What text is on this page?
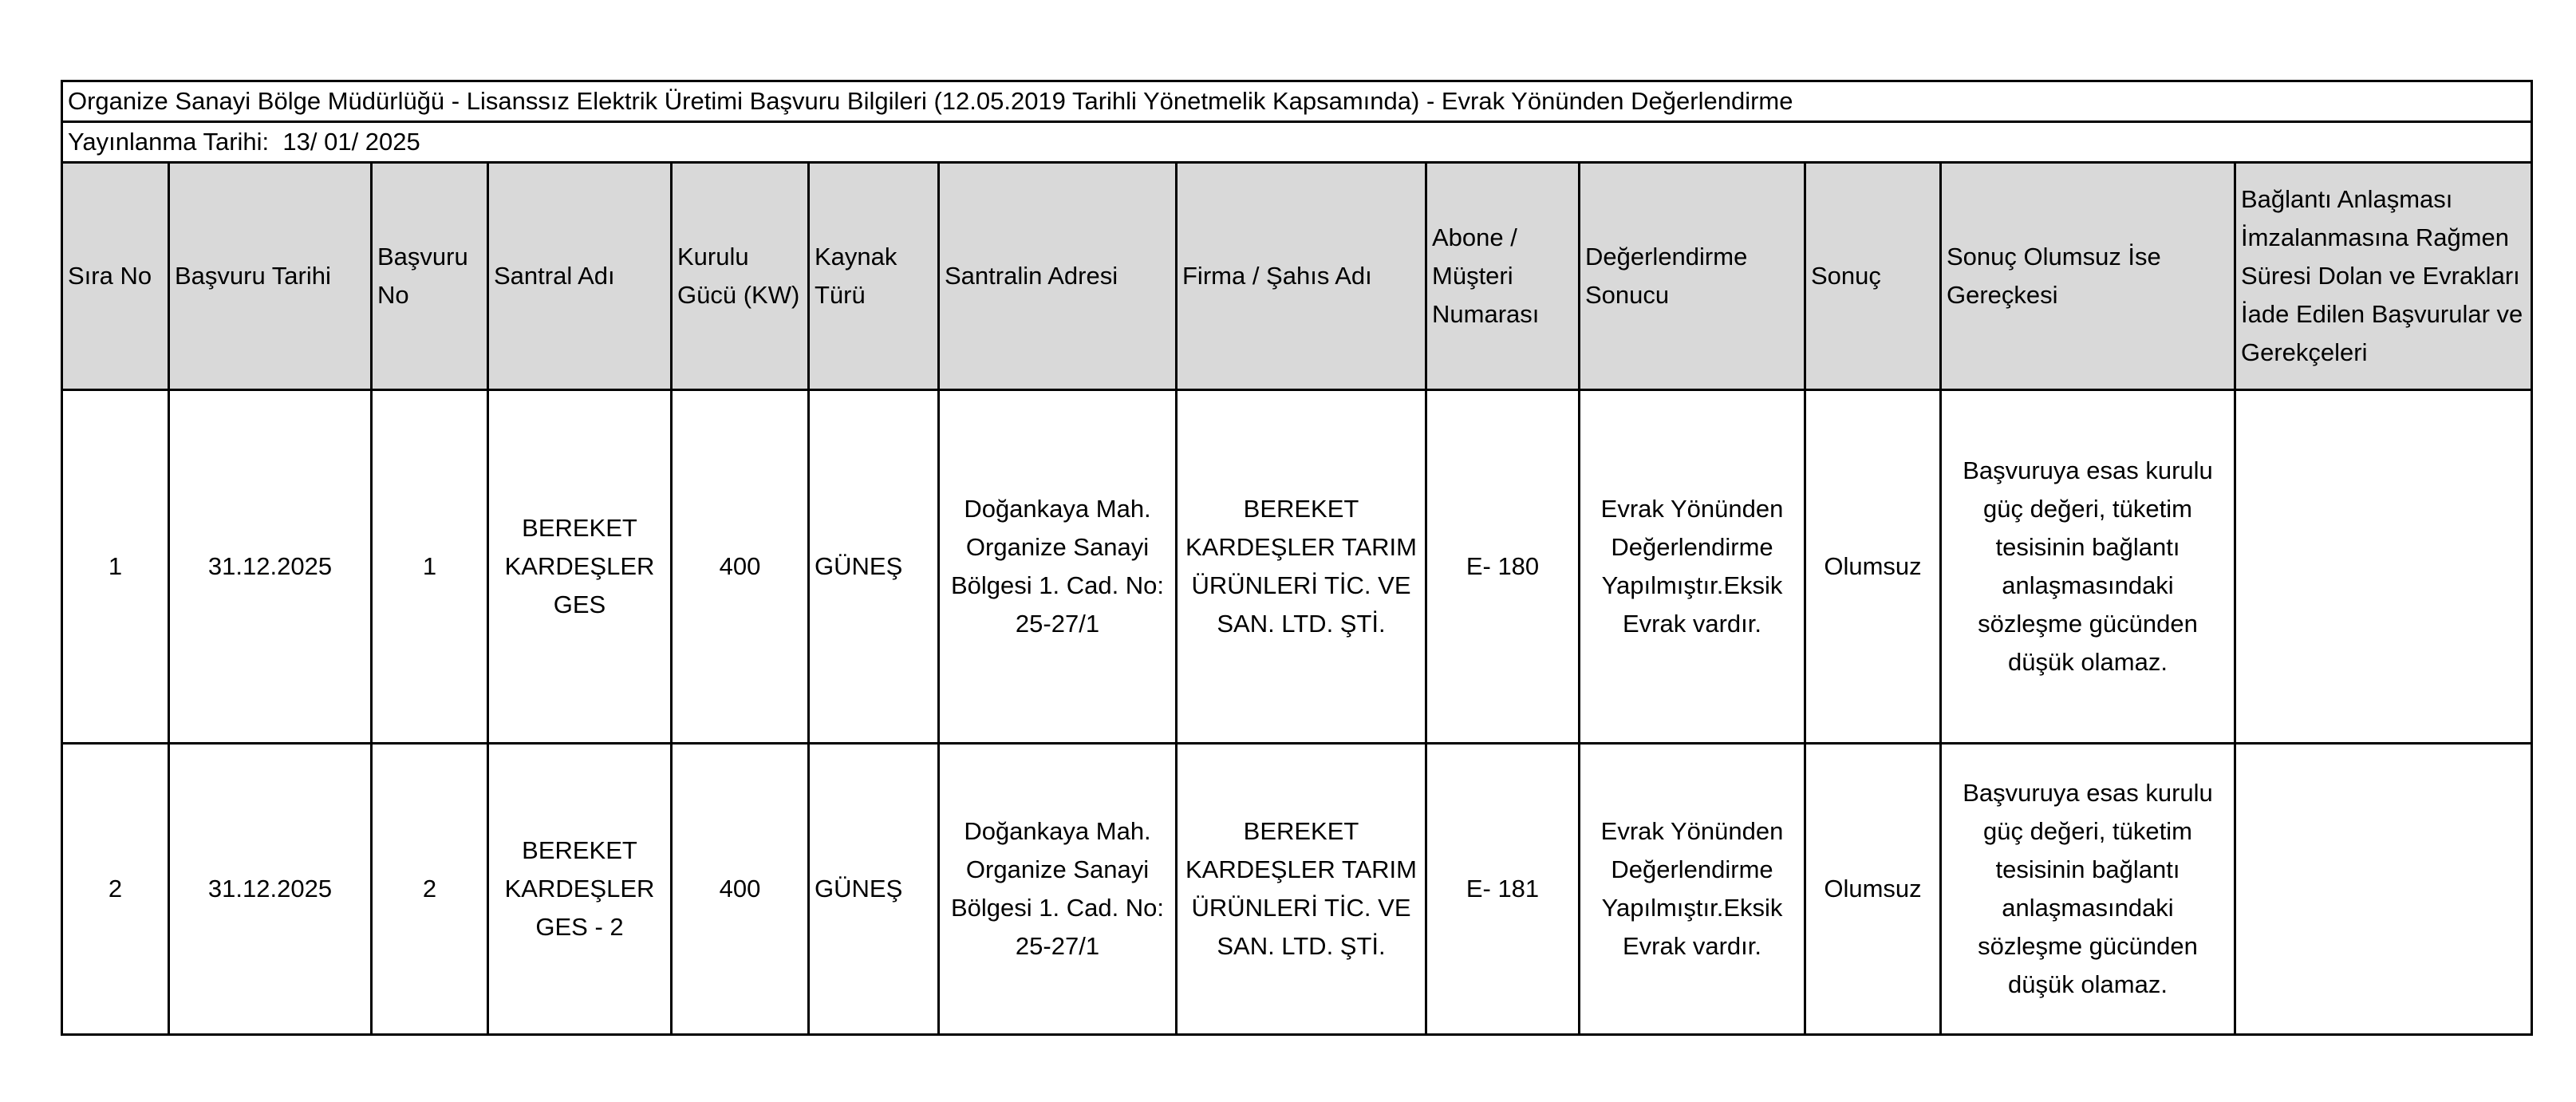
Organize Sanayi Bölge Müdürlüğü - Lisanssız Elektrik Üretimi Başvuru Bilgileri (12.05.2019 Tarihli Yönetmelik Kapsamında) - Evrak Yönünden Değerlendirme												
Yayınlanma Tarihi: 13/ 01/ 2025												
Sıra No	Başvuru Tarihi	Başvuru No	Santral Adı	Kurulu Gücü (KW)	Kaynak Türü	Santralin Adresi	Firma / Şahıs Adı	Abone / Müşteri Numarası	Değerlendirme Sonucu	Sonuç	Sonuç Olumsuz İse Gereçkesi	Bağlantı Anlaşması İmzalanmasına Rağmen Süresi Dolan ve Evrakları İade Edilen Başvurular ve Gerekçeleri
1	31.12.2025	1	BEREKET KARDEŞLER GES	400	GÜNEŞ	Doğankaya Mah. Organize Sanayi Bölgesi 1. Cad. No: 25-27/1	BEREKET KARDEŞLER TARIM ÜRÜNLERİ TİC. VE SAN. LTD. ŞTİ.	E- 180	Evrak Yönünden Değerlendirme Yapılmıştır.Eksik Evrak vardır.	Olumsuz	Başvuruya esas kurulu güç değeri, tüketim tesisinin bağlantı anlaşmasındaki sözleşme gücünden düşük olamaz.	
2	31.12.2025	2	BEREKET KARDEŞLER GES - 2	400	GÜNEŞ	Doğankaya Mah. Organize Sanayi Bölgesi 1. Cad. No: 25-27/1	BEREKET KARDEŞLER TARIM ÜRÜNLERİ TİC. VE SAN. LTD. ŞTİ.	E- 181	Evrak Yönünden Değerlendirme Yapılmıştır.Eksik Evrak vardır.	Olumsuz	Başvuruya esas kurulu güç değeri, tüketim tesisinin bağlantı anlaşmasındaki sözleşme gücünden düşük olamaz.	
